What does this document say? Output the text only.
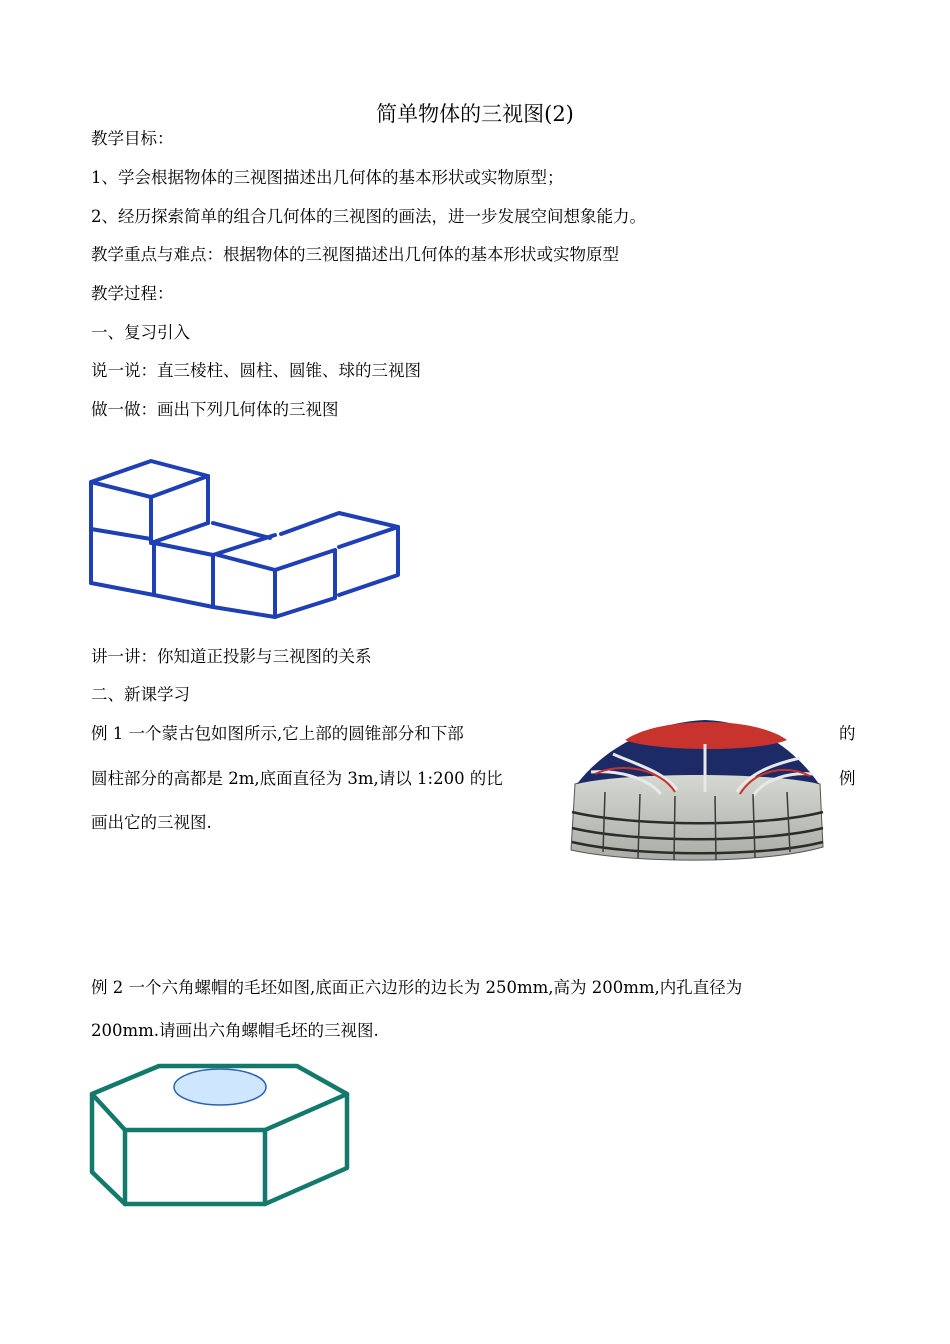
简单物体的三视图(2)
教学目标：
1、学会根据物体的三视图描述出几何体的基本形状或实物原型；
2、经历探索简单的组合几何体的三视图的画法，进一步发展空间想象能力。
教学重点与难点：根据物体的三视图描述出几何体的基本形状或实物原型
教学过程：
一、复习引入
说一说：直三棱柱、圆柱、圆锥、球的三视图
做一做：画出下列几何体的三视图
讲一讲：你知道正投影与三视图的关系
二、新课学习
例 1 一个蒙古包如图所示,它上部的圆锥部分和下部	的
圆柱部分的高都是 2m,底面直径为 3m,请以 1:200 的比	例
画出它的三视图.
例 2 一个六角螺帽的毛坯如图,底面正六边形的边长为 250mm,高为 200mm,内孔直径为
200mm.请画出六角螺帽毛坯的三视图.
